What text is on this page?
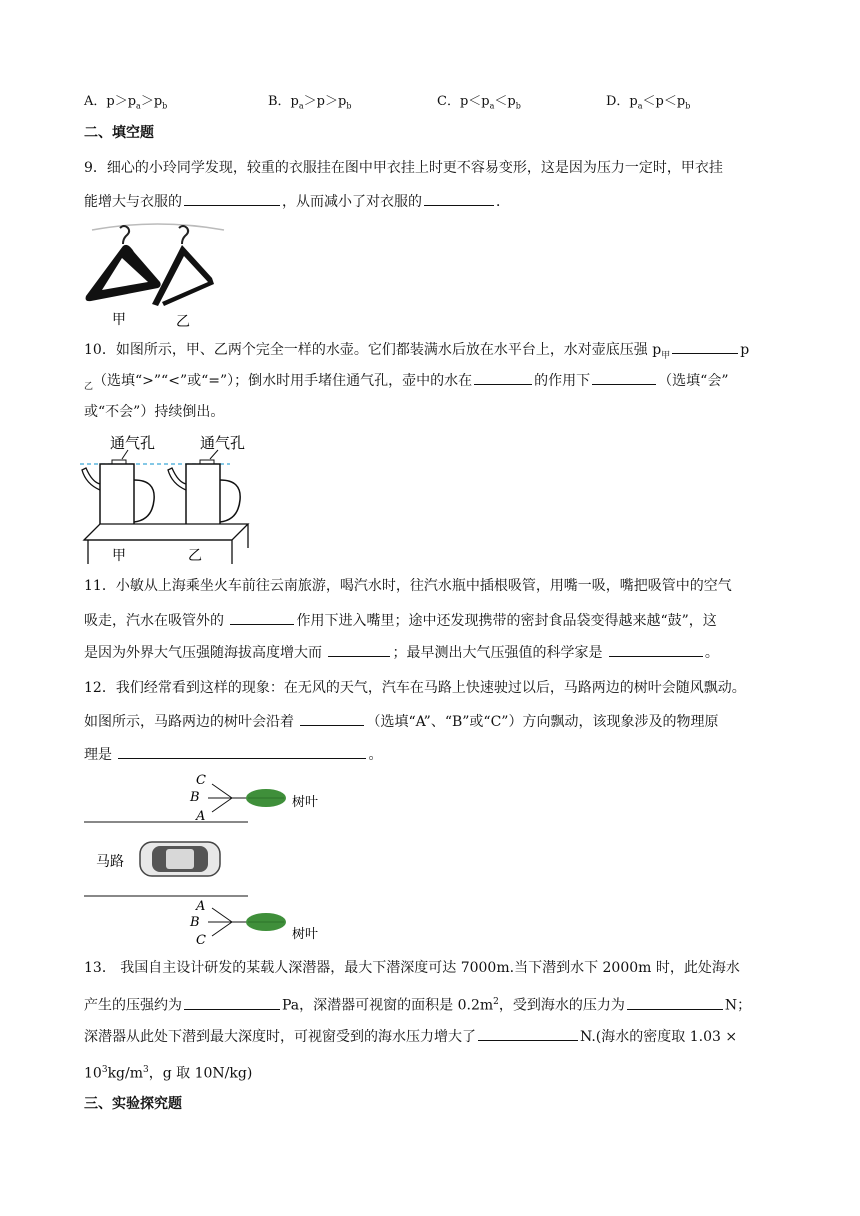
A．$p>p_a>p_b$	B．$p_a>p>p_b$	C．$p<p_a<p_b$	D．$p_a<p<p_b$
二、填空题
9．细心的小玲同学发现，较重的衣服挂在图中甲衣挂上时更不容易变形，这是因为压力一定时，甲衣挂
能增大与衣服的	，从而减小了对衣服的	．
甲	乙
10．如图所示，甲、乙两个完全一样的水壶。它们都装满水后放在水平台上，水对壶底压强 $p_甲$	p
$_乙$（选填“>”“<”或“=”）；倒水时用手堵住通气孔，壶中的水在	的作用下	（选填“会”
或“不会”）持续倒出。
通气孔	通气孔
甲	乙
11．小敏从上海乘坐火车前往云南旅游，喝汽水时，往汽水瓶中插根吸管，用嘴一吸，嘴把吸管中的空气
吸走，汽水在吸管外的	作用下进入嘴里；途中还发现携带的密封食品袋变得越来越“鼓”，这
是因为外界大气压强随海拔高度增大而	；最早测出大气压强值的科学家是	。
12．我们经常看到这样的现象：在无风的天气，汽车在马路上快速驶过以后，马路两边的树叶会随风飘动。
如图所示，马路两边的树叶会沿着	（选填“A”、“B”或“C”）方向飘动，该现象涉及的物理原
理是	。
C
B
A
树叶
马路
A
B
C	树叶
13． 我国自主设计研发的某载人深潜器，最大下潜深度可达 7000m.当下潜到水下 2000m 时，此处海水
产生的压强约为	Pa，深潜器可视窗的面积是 $0.2m^2$，受到海水的压力为	N；
深潜器从此处下潜到最大深度时，可视窗受到的海水压力增大了	N.(海水的密度取 1.03 ×
$10^3kg/m^3$，g 取 10N/kg)
三、实验探究题
